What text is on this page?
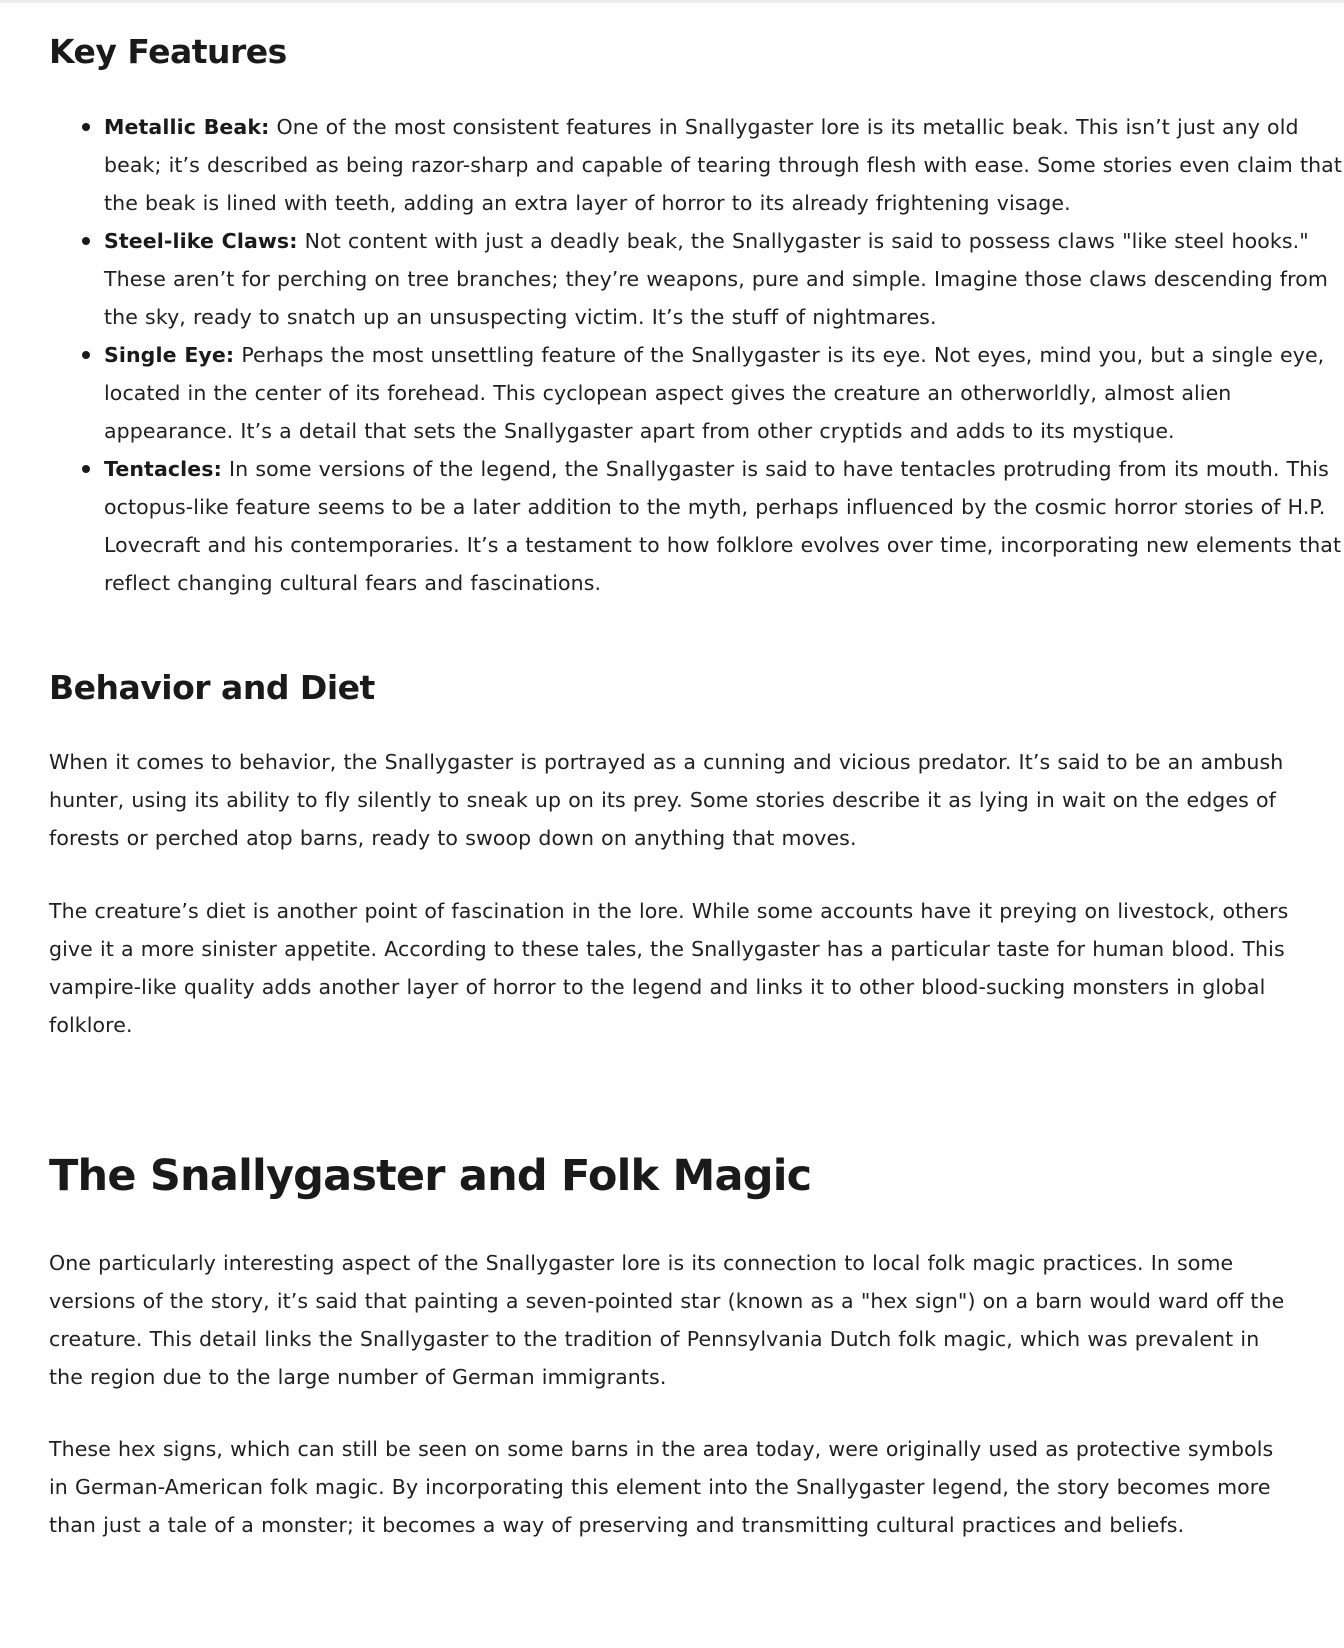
Key Features
Metallic Beak: One of the most consistent features in Snallygaster lore is its metallic beak. This isn’t just any old beak; it’s described as being razor-sharp and capable of tearing through flesh with ease. Some stories even claim that the beak is lined with teeth, adding an extra layer of horror to its already frightening visage.
Steel-like Claws: Not content with just a deadly beak, the Snallygaster is said to possess claws "like steel hooks." These aren’t for perching on tree branches; they’re weapons, pure and simple. Imagine those claws descending from the sky, ready to snatch up an unsuspecting victim. It’s the stuff of nightmares.
Single Eye: Perhaps the most unsettling feature of the Snallygaster is its eye. Not eyes, mind you, but a single eye, located in the center of its forehead. This cyclopean aspect gives the creature an otherworldly, almost alien appearance. It’s a detail that sets the Snallygaster apart from other cryptids and adds to its mystique.
Tentacles: In some versions of the legend, the Snallygaster is said to have tentacles protruding from its mouth. This octopus-like feature seems to be a later addition to the myth, perhaps influenced by the cosmic horror stories of H.P. Lovecraft and his contemporaries. It’s a testament to how folklore evolves over time, incorporating new elements that reflect changing cultural fears and fascinations.
Behavior and Diet

When it comes to behavior, the Snallygaster is portrayed as a cunning and vicious predator. It’s said to be an ambush hunter, using its ability to fly silently to sneak up on its prey. Some stories describe it as lying in wait on the edges of forests or perched atop barns, ready to swoop down on anything that moves.

The creature’s diet is another point of fascination in the lore. While some accounts have it preying on livestock, others give it a more sinister appetite. According to these tales, the Snallygaster has a particular taste for human blood. This vampire-like quality adds another layer of horror to the legend and links it to other blood-sucking monsters in global folklore.

The Snallygaster and Folk Magic

One particularly interesting aspect of the Snallygaster lore is its connection to local folk magic practices. In some versions of the story, it’s said that painting a seven-pointed star (known as a "hex sign") on a barn would ward off the creature. This detail links the Snallygaster to the tradition of Pennsylvania Dutch folk magic, which was prevalent in the region due to the large number of German immigrants.

These hex signs, which can still be seen on some barns in the area today, were originally used as protective symbols in German-American folk magic. By incorporating this element into the Snallygaster legend, the story becomes more than just a tale of a monster; it becomes a way of preserving and transmitting cultural practices and beliefs.
